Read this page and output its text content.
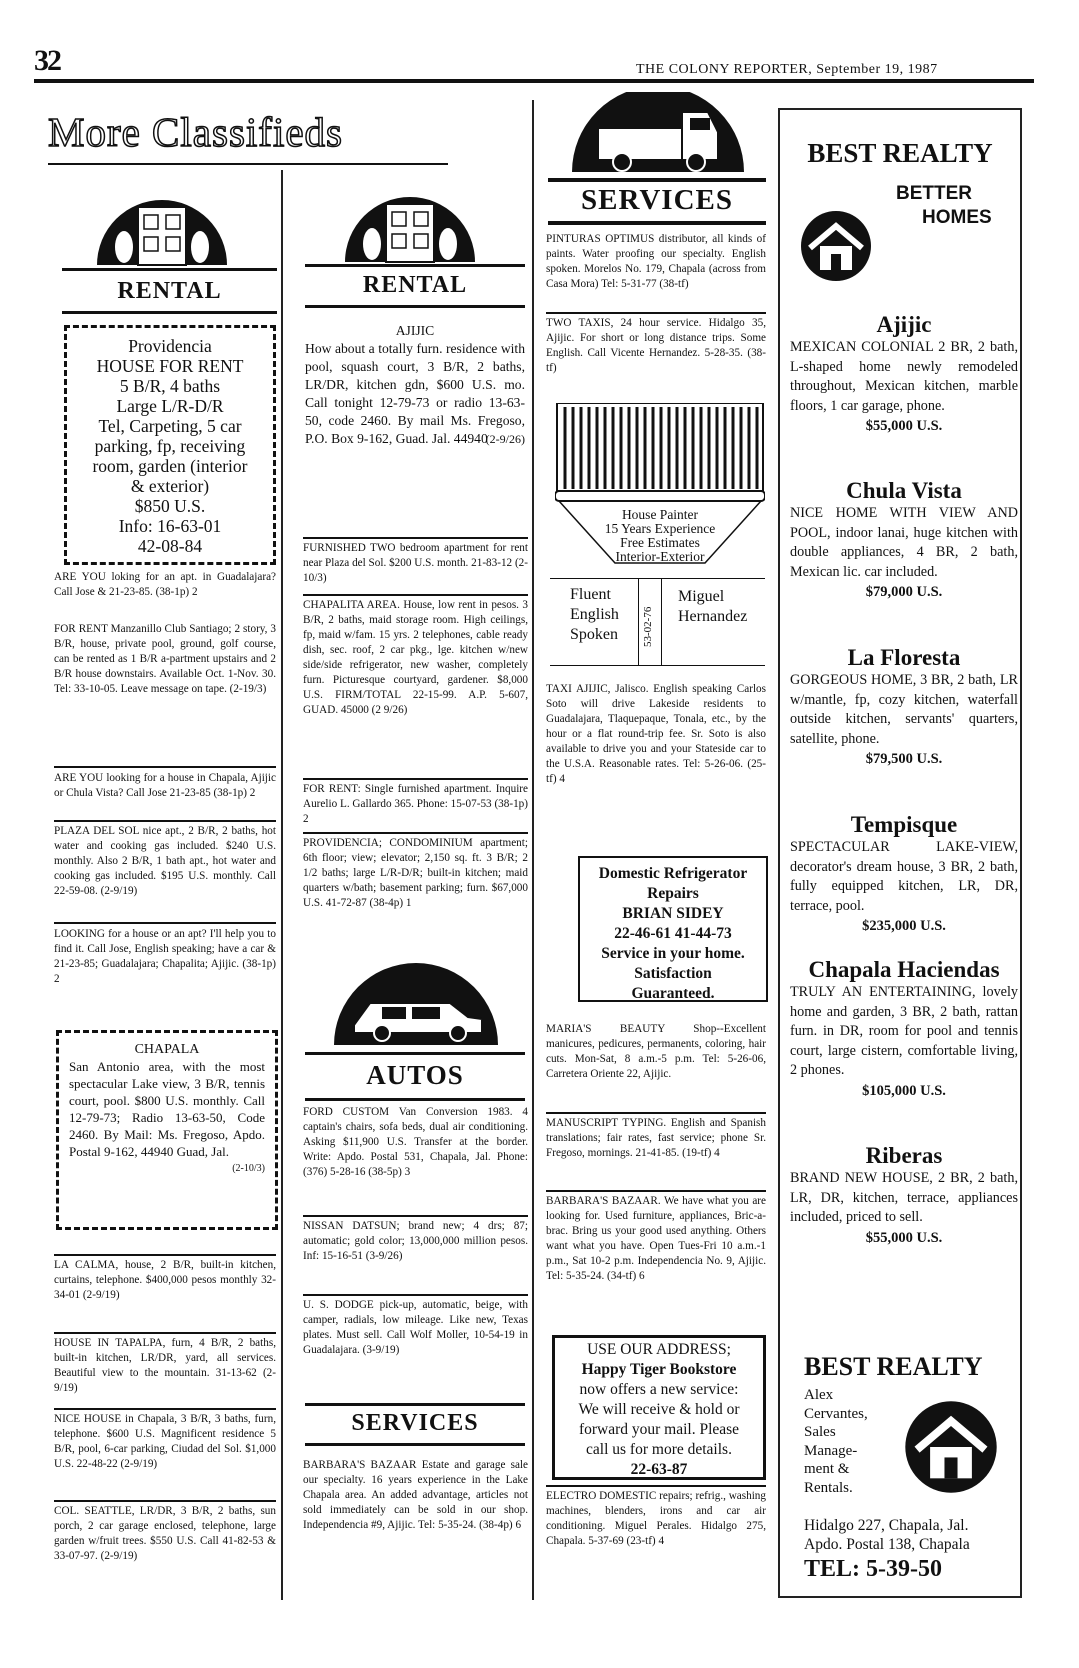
32	THE COLONY REPORTER, September 19, 1987
More Classifieds
RENTAL
Providencia
HOUSE FOR RENT
5 B/R, 4 baths
Large L/R-D/R
Tel, Carpeting, 5 car
parking, fp, receiving
room, garden (interior
& exterior)
$850 U.S.
Info: 16-63-01
42-08-84
ARE YOU loking for an apt. in Guadalajara? Call Jose & 21-23-85. (38-1p) 2
FOR RENT Manzanillo Club Santiago; 2 story, 3 B/R, house, private pool, ground, golf course, can be rented as 1 B/R a-partment upstairs and 2 B/R house downstairs. Available Oct. 1-Nov. 30. Tel: 33-10-05. Leave message on tape. (2-19/3)
ARE YOU looking for a house in Chapala, Ajijic or Chula Vista? Call Jose 21-23-85 (38-1p) 2
PLAZA DEL SOL nice apt., 2 B/R, 2 baths, hot water and cooking gas included. $240 U.S. monthly. Also 2 B/R, 1 bath apt., hot water and cooking gas included. $195 U.S. monthly. Call 22-59-08. (2-9/19)
LOOKING for a house or an apt? I'll help you to find it. Call Jose, English speaking; have a car & 21-23-85; Guadalajara; Chapalita; Ajijic. (38-1p) 2
CHAPALA
San Antonio area, with the most spectacular Lake view, 3 B/R, tennis court, pool. $800 U.S. monthly. Call 12-79-73; Radio 13-63-50, Code 2460. By Mail: Ms. Fregoso, Apdo. Postal 9-162, 44940 Guad, Jal.
(2-10/3)
LA CALMA, house, 2 B/R, built-in kitchen, curtains, telephone. $400,000 pesos monthly 32-34-01 (2-9/19)
HOUSE IN TAPALPA, furn, 4 B/R, 2 baths, built-in kitchen, LR/DR, yard, all services. Beautiful view to the mountain. 31-13-62 (2-9/19)
NICE HOUSE in Chapala, 3 B/R, 3 baths, furn, telephone. $600 U.S. Magnificent residence 5 B/R, pool, 6-car parking, Ciudad del Sol. $1,000 U.S. 22-48-22 (2-9/19)
COL. SEATTLE, LR/DR, 3 B/R, 2 baths, sun porch, 2 car garage enclosed, telephone, large garden w/fruit trees. $550 U.S. Call 41-82-53 & 33-07-97. (2-9/19)
RENTAL
AJIJIC
How about a totally furn. residence with pool, squash court, 3 B/R, 2 baths, LR/DR, kitchen gdn, $600 U.S. mo. Call tonight 12-79-73 or radio 13-63-50, code 2460. By mail Ms. Fregoso, P.O. Box 9-162, Guad. Jal. 44940
(2-9/26)
FURNISHED TWO bedroom apartment for rent near Plaza del Sol. $200 U.S. month. 21-83-12 (2-10/3)
CHAPALITA AREA. House, low rent in pesos. 3 B/R, 2 baths, maid storage room. High ceilings, fp, maid w/fam. 15 yrs. 2 telephones, cable ready dish, sec. roof, 2 car pkg., lge. kitchen w/new side/side refrigerator, new washer, completely furn. Picturesque courtyard, gardener. $8,000 U.S. FIRM/TOTAL 22-15-99. A.P. 5-607, GUAD. 45000 (2 9/26)
FOR RENT: Single furnished apartment. Inquire Aurelio L. Gallardo 365. Phone: 15-07-53 (38-1p) 2
PROVIDENCIA; CONDOMINIUM apartment; 6th floor; view; elevator; 2,150 sq. ft. 3 B/R; 2 1/2 baths; large L/R-D/R; built-in kitchen; maid quarters w/bath; basement parking; furn. $67,000 U.S. 41-72-87 (38-4p) 1
AUTOS
FORD CUSTOM Van Conversion 1983. 4 captain's chairs, sofa beds, dual air conditioning. Asking $11,900 U.S. Transfer at the border. Write: Apdo. Postal 531, Chapala, Jal. Phone: (376) 5-28-16 (38-5p) 3
NISSAN DATSUN; brand new; 4 drs; 87; automatic; gold color; 13,000,000 million pesos. Inf: 15-16-51 (3-9/26)
U. S. DODGE pick-up, automatic, beige, with camper, radials, low mileage. Like new, Texas plates. Must sell. Call Wolf Moller, 10-54-19 in Guadalajara. (3-9/19)
SERVICES
BARBARA'S BAZAAR Estate and garage sale our specialty. 16 years experience in the Lake Chapala area. An added advantage, articles not sold immediately can be sold in our shop. Independencia #9, Ajijic. Tel: 5-35-24. (38-4p) 6
SERVICES
PINTURAS OPTIMUS distributor, all kinds of paints. Water proofing our specialty. English spoken. Morelos No. 179, Chapala (across from Casa Mora) Tel: 5-31-77 (38-tf)
TWO TAXIS, 24 hour service. Hidalgo 35, Ajijic. For short or long distance trips. Some English. Call Vicente Hernandez. 5-28-35. (38-tf)
House Painter
15 Years Experience
Free Estimates
Interior-Exterior
Fluent
English
Spoken 53-02-76
Miguel
Hernandez
TAXI AJIJIC, Jalisco. English speaking Carlos Soto will drive Lakeside residents to Guadalajara, Tlaquepaque, Tonala, etc., by the hour or a flat round-trip fee. Sr. Soto is also available to drive you and your Stateside car to the U.S.A. Reasonable rates. Tel: 5-26-06. (25-tf) 4
Domestic Refrigerator
Repairs
BRIAN SIDEY
22-46-61 41-44-73
Service in your home.
Satisfaction
Guaranteed.
MARIA'S BEAUTY Shop--Excellent manicures, pedicures, permanents, coloring, hair cuts. Mon-Sat, 8 a.m.-5 p.m. Tel: 5-26-06, Carretera Oriente 22, Ajijic.
MANUSCRIPT TYPING. English and Spanish translations; fair rates, fast service; phone Sr. Fregoso, mornings. 21-41-85. (19-tf) 4
BARBARA'S BAZAAR. We have what you are looking for. Used furniture, appliances, Bric-a-brac. Bring us your good used anything. Others want what you have. Open Tues-Fri 10 a.m.-1 p.m., Sat 10-2 p.m. Independencia No. 9, Ajijic. Tel: 5-35-24. (34-tf) 6
USE OUR ADDRESS;
Happy Tiger Bookstore
now offers a new service:
We will receive & hold or
forward your mail. Please
call us for more details.
22-63-87
ELECTRO DOMESTIC repairs; refrig., washing machines, blenders, irons and car air conditioning. Miguel Perales. Hidalgo 275, Chapala. 5-37-69 (23-tf) 4
BEST REALTY
BETTER
HOMES

Ajijic

MEXICAN COLONIAL 2 BR, 2 bath, L-shaped home newly remodeled throughout, Mexican kitchen, marble floors, 1 car garage, phone.

$55,000 U.S.

Chula Vista

NICE HOME WITH VIEW AND POOL, indoor lanai, huge kitchen with double appliances, 4 BR, 2 bath, Mexican lic. car included.

$79,000 U.S.

La Floresta

GORGEOUS HOME, 3 BR, 2 bath, LR w/mantle, fp, cozy kitchen, waterfall outside kitchen, servants' quarters, satellite, phone.

$79,500 U.S.

Tempisque

SPECTACULAR LAKE-VIEW, decorator's dream house, 3 BR, 2 bath, fully equipped kitchen, LR, DR, terrace, pool.

$235,000 U.S.

Chapala Haciendas

TRULY AN ENTERTAINING, lovely home and garden, 3 BR, 2 bath, rattan furn. in DR, room for pool and tennis court, large cistern, comfortable living, 2 phones.

$105,000 U.S.

Riberas

BRAND NEW HOUSE, 2 BR, 2 bath, LR, DR, kitchen, terrace, appliances included, priced to sell.

$55,000 U.S.

BEST REALTY
Alex
Cervantes,
Sales
Manage-
ment &
Rentals.
Hidalgo 227, Chapala, Jal.
Apdo. Postal 138, Chapala
TEL: 5-39-50
